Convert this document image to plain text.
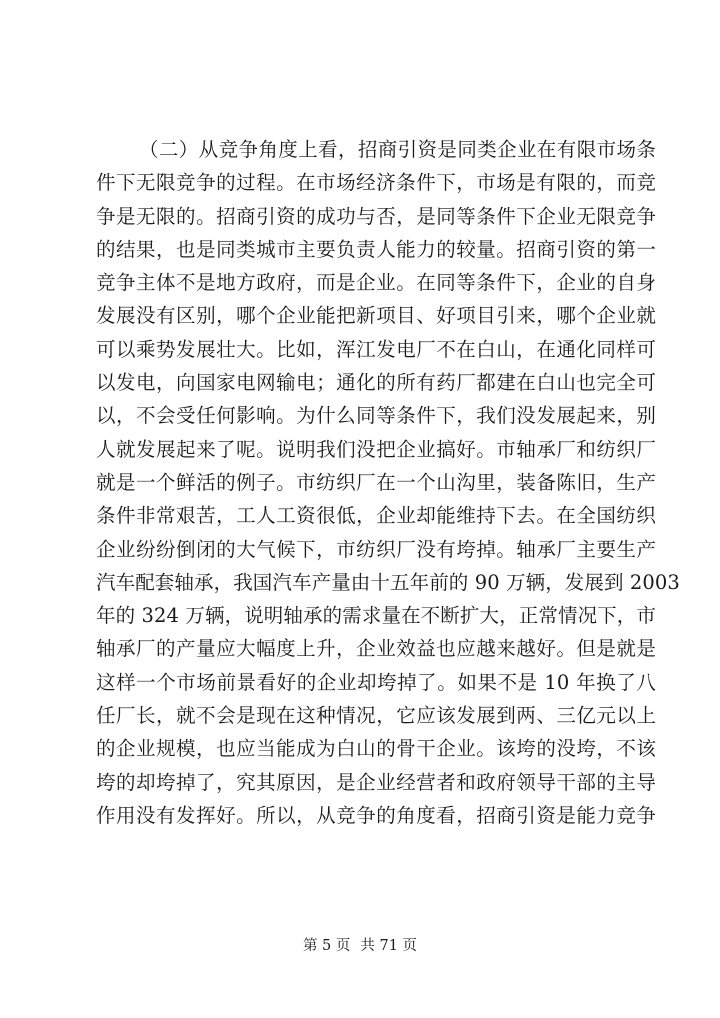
（二）从竞争角度上看，招商引资是同类企业在有限市场条
件下无限竞争的过程。在市场经济条件下，市场是有限的，而竞
争是无限的。招商引资的成功与否，是同等条件下企业无限竞争
的结果，也是同类城市主要负责人能力的较量。招商引资的第一
竞争主体不是地方政府，而是企业。在同等条件下，企业的自身
发展没有区别，哪个企业能把新项目、好项目引来，哪个企业就
可以乘势发展壮大。比如，浑江发电厂不在白山，在通化同样可
以发电，向国家电网输电；通化的所有药厂都建在白山也完全可
以，不会受任何影响。为什么同等条件下，我们没发展起来，别
人就发展起来了呢。说明我们没把企业搞好。市轴承厂和纺织厂
就是一个鲜活的例子。市纺织厂在一个山沟里，装备陈旧，生产
条件非常艰苦，工人工资很低，企业却能维持下去。在全国纺织
企业纷纷倒闭的大气候下，市纺织厂没有垮掉。轴承厂主要生产
汽车配套轴承，我国汽车产量由十五年前的 90 万辆，发展到 2003
年的 324 万辆，说明轴承的需求量在不断扩大，正常情况下，市
轴承厂的产量应大幅度上升，企业效益也应越来越好。但是就是
这样一个市场前景看好的企业却垮掉了。如果不是 10 年换了八
任厂长，就不会是现在这种情况，它应该发展到两、三亿元以上
的企业规模，也应当能成为白山的骨干企业。该垮的没垮，不该
垮的却垮掉了，究其原因，是企业经营者和政府领导干部的主导
作用没有发挥好。所以，从竞争的角度看，招商引资是能力竞争
第 5 页 共 71 页
